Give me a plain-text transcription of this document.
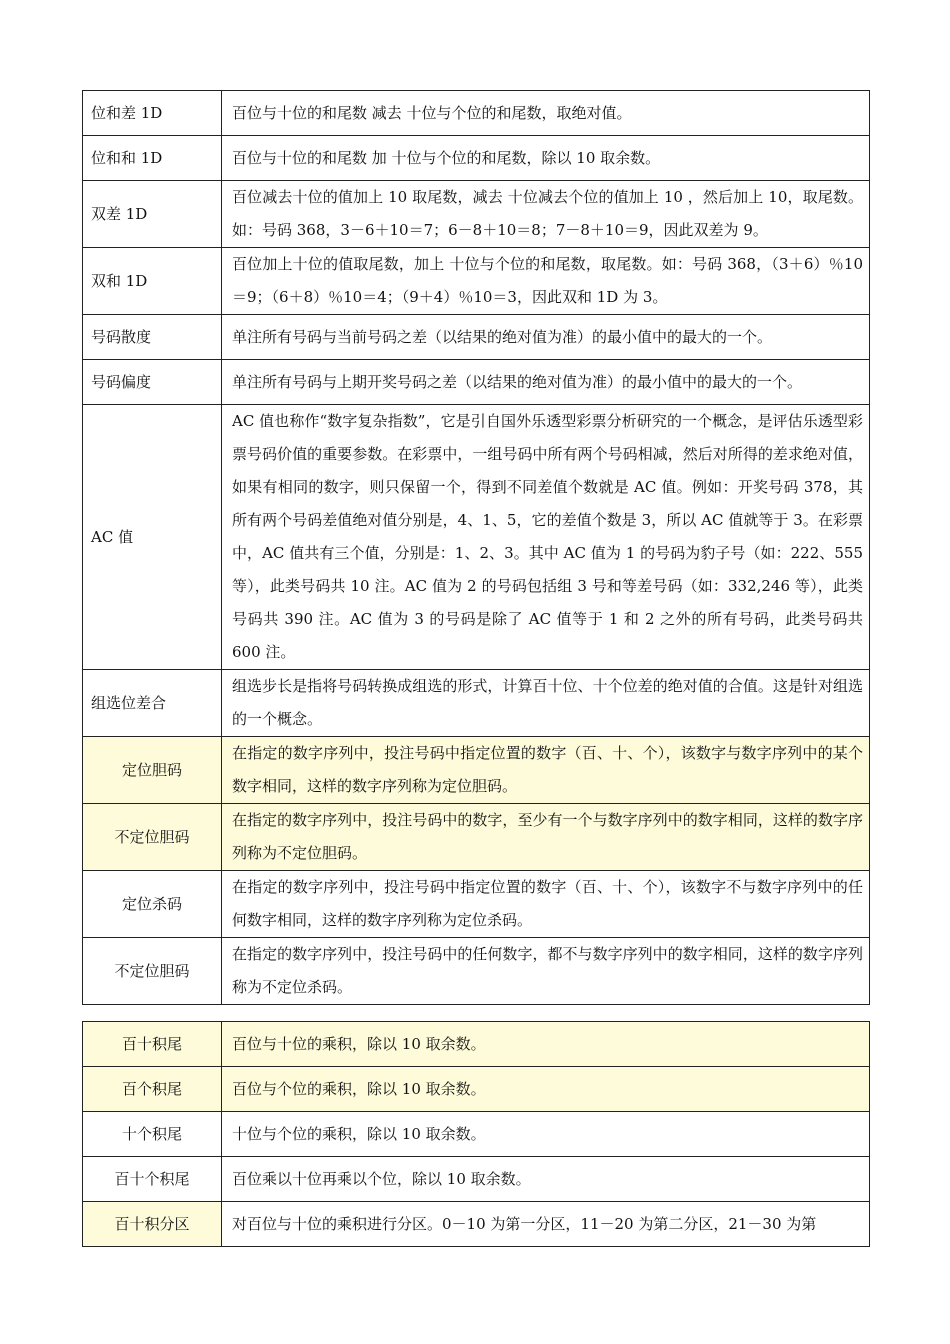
位和差 1D	百位与十位的和尾数 减去 十位与个位的和尾数，取绝对值。
位和和 1D	百位与十位的和尾数 加 十位与个位的和尾数，除以 10 取余数。
双差 1D	百位减去十位的值加上 10 取尾数，减去 十位减去个位的值加上 10 ，然后加上 10，取尾数。如：号码 368，3－6＋10＝7；6－8＋10＝8；7－8＋10＝9，因此双差为 9。
双和 1D	百位加上十位的值取尾数，加上 十位与个位的和尾数，取尾数。如：号码 368，（3＋6）％10＝9；（6＋8）％10＝4；（9＋4）％10＝3，因此双和 1D 为 3。
号码散度	单注所有号码与当前号码之差（以结果的绝对值为准）的最小值中的最大的一个。
号码偏度	单注所有号码与上期开奖号码之差（以结果的绝对值为准）的最小值中的最大的一个。
AC 值	AC 值也称作“数字复杂指数”，它是引自国外乐透型彩票分析研究的一个概念，是评估乐透型彩票号码价值的重要参数。在彩票中，一组号码中所有两个号码相减，然后对所得的差求绝对值，如果有相同的数字，则只保留一个，得到不同差值个数就是 AC 值。例如：开奖号码 378，其所有两个号码差值绝对值分别是，4、1、5，它的差值个数是 3，所以 AC 值就等于 3。在彩票中，AC 值共有三个值，分别是：1、2、3。其中 AC 值为 1 的号码为豹子号（如：222、555 等），此类号码共 10 注。AC 值为 2 的号码包括组 3 号和等差号码（如：332,246 等），此类号码共 390 注。AC 值为 3 的号码是除了 AC 值等于 1 和 2 之外的所有号码，此类号码共 600 注。
组选位差合	组选步长是指将号码转换成组选的形式，计算百十位、十个位差的绝对值的合值。这是针对组选的一个概念。
定位胆码	在指定的数字序列中，投注号码中指定位置的数字（百、十、个），该数字与数字序列中的某个数字相同，这样的数字序列称为定位胆码。
不定位胆码	在指定的数字序列中，投注号码中的数字，至少有一个与数字序列中的数字相同，这样的数字序列称为不定位胆码。
定位杀码	在指定的数字序列中，投注号码中指定位置的数字（百、十、个），该数字不与数字序列中的任何数字相同，这样的数字序列称为定位杀码。
不定位胆码	在指定的数字序列中，投注号码中的任何数字，都不与数字序列中的数字相同，这样的数字序列称为不定位杀码。
百十积尾	百位与十位的乘积，除以 10 取余数。
百个积尾	百位与个位的乘积，除以 10 取余数。
十个积尾	十位与个位的乘积，除以 10 取余数。
百十个积尾	百位乘以十位再乘以个位，除以 10 取余数。
百十积分区	对百位与十位的乘积进行分区。0－10 为第一分区，11－20 为第二分区，21－30 为第
